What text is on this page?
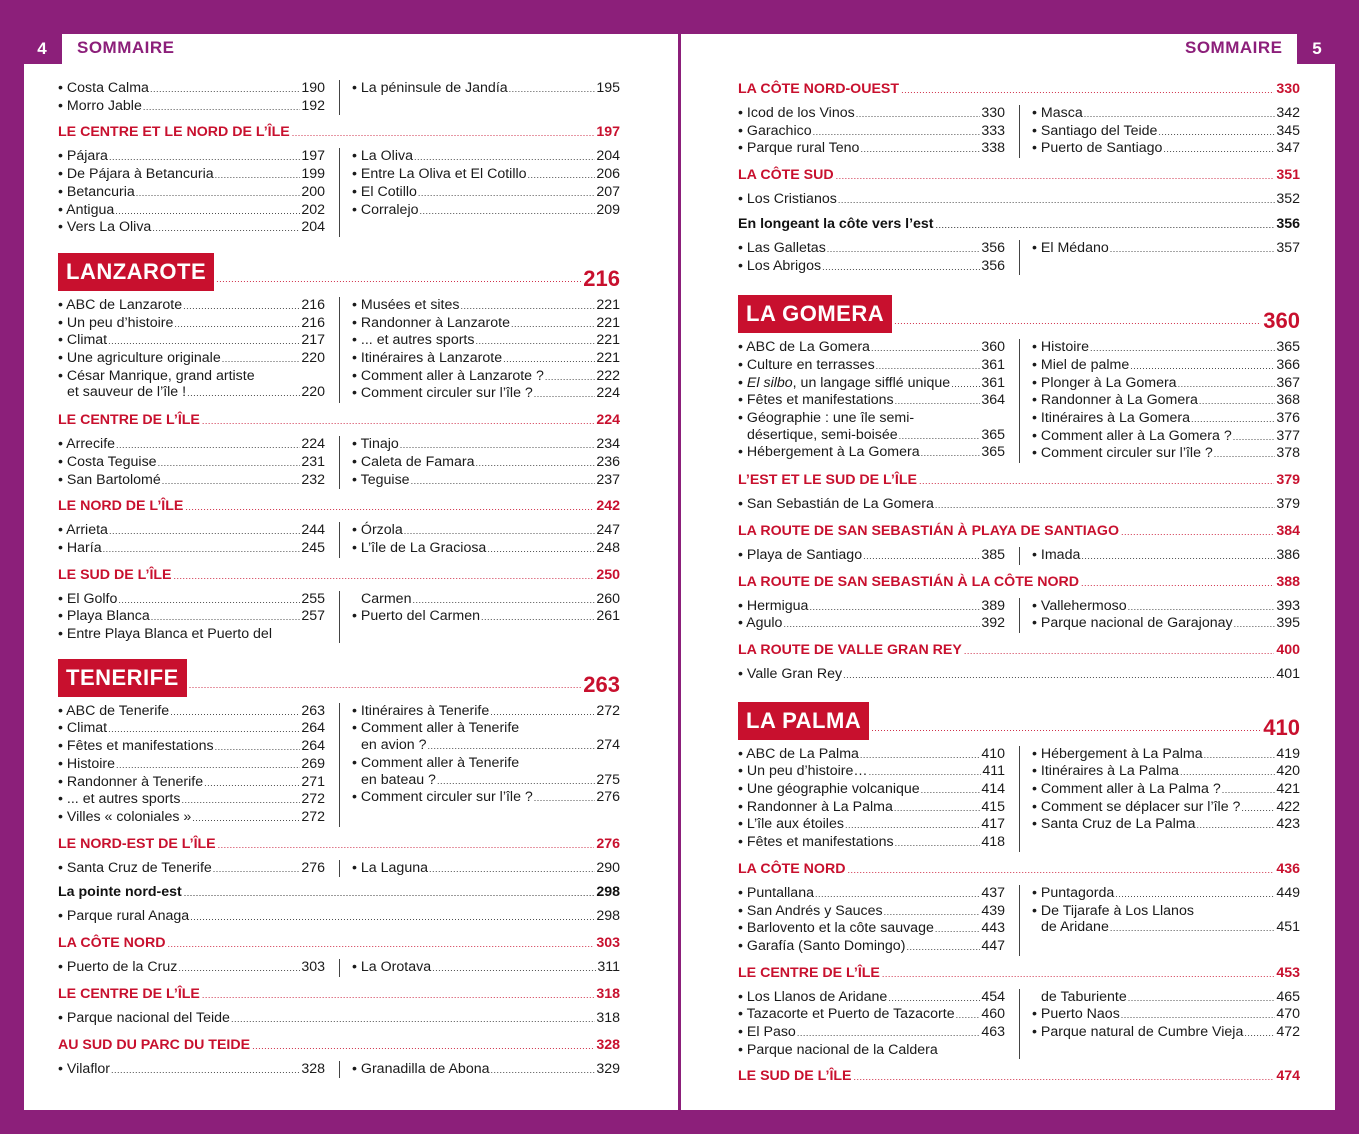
4	SOMMAIRE	SOMMAIRE	5
• Costa Calma .....	190
• Morro Jable .....	192
• La péninsule de Jandía .....	195
LE CENTRE ET LE NORD DE L’ÎLE .....	197
• Pájara .....	197
• De Pájara à Betancuria .....	199
• Betancuria .....	200
• Antigua .....	202
• Vers La Oliva .....	204
• La Oliva .....	204
• Entre La Oliva et El Cotillo .....	206
• El Cotillo .....	207
• Corralejo .....	209
LANZAROTE .....	216
• ABC de Lanzarote .....	216
• Un peu d’histoire .....	216
• Climat .....	217
• Une agriculture originale .....	220
• César Manrique, grand artiste
et sauveur de l’île ! .....	220
• Musées et sites .....	221
• Randonner à Lanzarote .....	221
• ... et autres sports .....	221
• Itinéraires à Lanzarote .....	221
• Comment aller à Lanzarote ? .....	222
• Comment circuler sur l’île ? .....	224
LE CENTRE DE L’ÎLE .....	224
• Arrecife .....	224
• Costa Teguise .....	231
• San Bartolomé .....	232
• Tinajo .....	234
• Caleta de Famara .....	236
• Teguise .....	237
LE NORD DE L’ÎLE .....	242
• Arrieta .....	244
• Haría .....	245
• Órzola .....	247
• L’île de La Graciosa .....	248
LE SUD DE L’ÎLE .....	250
• El Golfo .....	255
• Playa Blanca .....	257
• Entre Playa Blanca et Puerto del
Carmen .....	260
• Puerto del Carmen .....	261
TENERIFE .....	263
• ABC de Tenerife .....	263
• Climat .....	264
• Fêtes et manifestations .....	264
• Histoire .....	269
• Randonner à Tenerife .....	271
• ... et autres sports .....	272
• Villes « coloniales » .....	272
• Itinéraires à Tenerife .....	272
• Comment aller à Tenerife
en avion ? .....	274
• Comment aller à Tenerife
en bateau ? .....	275
• Comment circuler sur l’île ? .....	276
LE NORD-EST DE L’ÎLE .....	276
• Santa Cruz de Tenerife .....	276	• La Laguna .....	290
La pointe nord-est .....	298
• Parque rural Anaga .....	298
LA CÔTE NORD .....	303
• Puerto de la Cruz .....	303	• La Orotava .....	311
LE CENTRE DE L’ÎLE .....	318
• Parque nacional del Teide .....	318
AU SUD DU PARC DU TEIDE .....	328
• Vilaflor .....	328	• Granadilla de Abona .....	329
LA CÔTE NORD-OUEST .....	330
• Icod de los Vinos .....	330
• Garachico .....	333
• Parque rural Teno .....	338
• Masca .....	342
• Santiago del Teide .....	345
• Puerto de Santiago .....	347
LA CÔTE SUD .....	351
• Los Cristianos .....	352
En longeant la côte vers l’est .....	356
• Las Galletas .....	356
• Los Abrigos .....	356
• El Médano .....	357
LA GOMERA .....	360
• ABC de La Gomera .....	360
• Culture en terrasses .....	361
• El silbo, un langage sifflé unique ..... 361
• Fêtes et manifestations .....	364
• Géographie : une île semi-
désertique, semi-boisée .....	365
• Hébergement à La Gomera .....	365
• Histoire .....	365
• Miel de palme .....	366
• Plonger à La Gomera .....	367
• Randonner à La Gomera .....	368
• Itinéraires à La Gomera .....	376
• Comment aller à La Gomera ? .....	377
• Comment circuler sur l’île ? .....	378
L’EST ET LE SUD DE L’ÎLE .....	379
• San Sebastián de La Gomera .....	379
LA ROUTE DE SAN SEBASTIÁN À PLAYA DE SANTIAGO .....	384
• Playa de Santiago .....	385	• Imada .....	386
LA ROUTE DE SAN SEBASTIÁN À LA CÔTE NORD .....	388
• Hermigua .....	389
• Agulo .....	392
• Vallehermoso .....	393
• Parque nacional de Garajonay .....	395
LA ROUTE DE VALLE GRAN REY .....	400
• Valle Gran Rey .....	401
LA PALMA .....	410
• ABC de La Palma .....	410
• Un peu d’histoire… .....	411
• Une géographie volcanique .....	414
• Randonner à La Palma .....	415
• L’île aux étoiles .....	417
• Fêtes et manifestations .....	418
• Hébergement à La Palma .....	419
• Itinéraires à La Palma .....	420
• Comment aller à La Palma ? .....	421
• Comment se déplacer sur l’île ? .....	422
• Santa Cruz de La Palma .....	423
LA CÔTE NORD .....	436
• Puntallana .....	437
• San Andrés y Sauces .....	439
• Barlovento et la côte sauvage .....	443
• Garafía (Santo Domingo) .....	447
• Puntagorda .....	449
• De Tijarafe à Los Llanos
de Aridane .....	451
LE CENTRE DE L’ÎLE .....	453
• Los Llanos de Aridane .....	454
• Tazacorte et Puerto de Tazacorte ..... 460
• El Paso .....	463
• Parque nacional de la Caldera
de Taburiente .....	465
• Puerto Naos .....	470
• Parque natural de Cumbre Vieja ..... 472
LE SUD DE L’ÎLE .....	474
